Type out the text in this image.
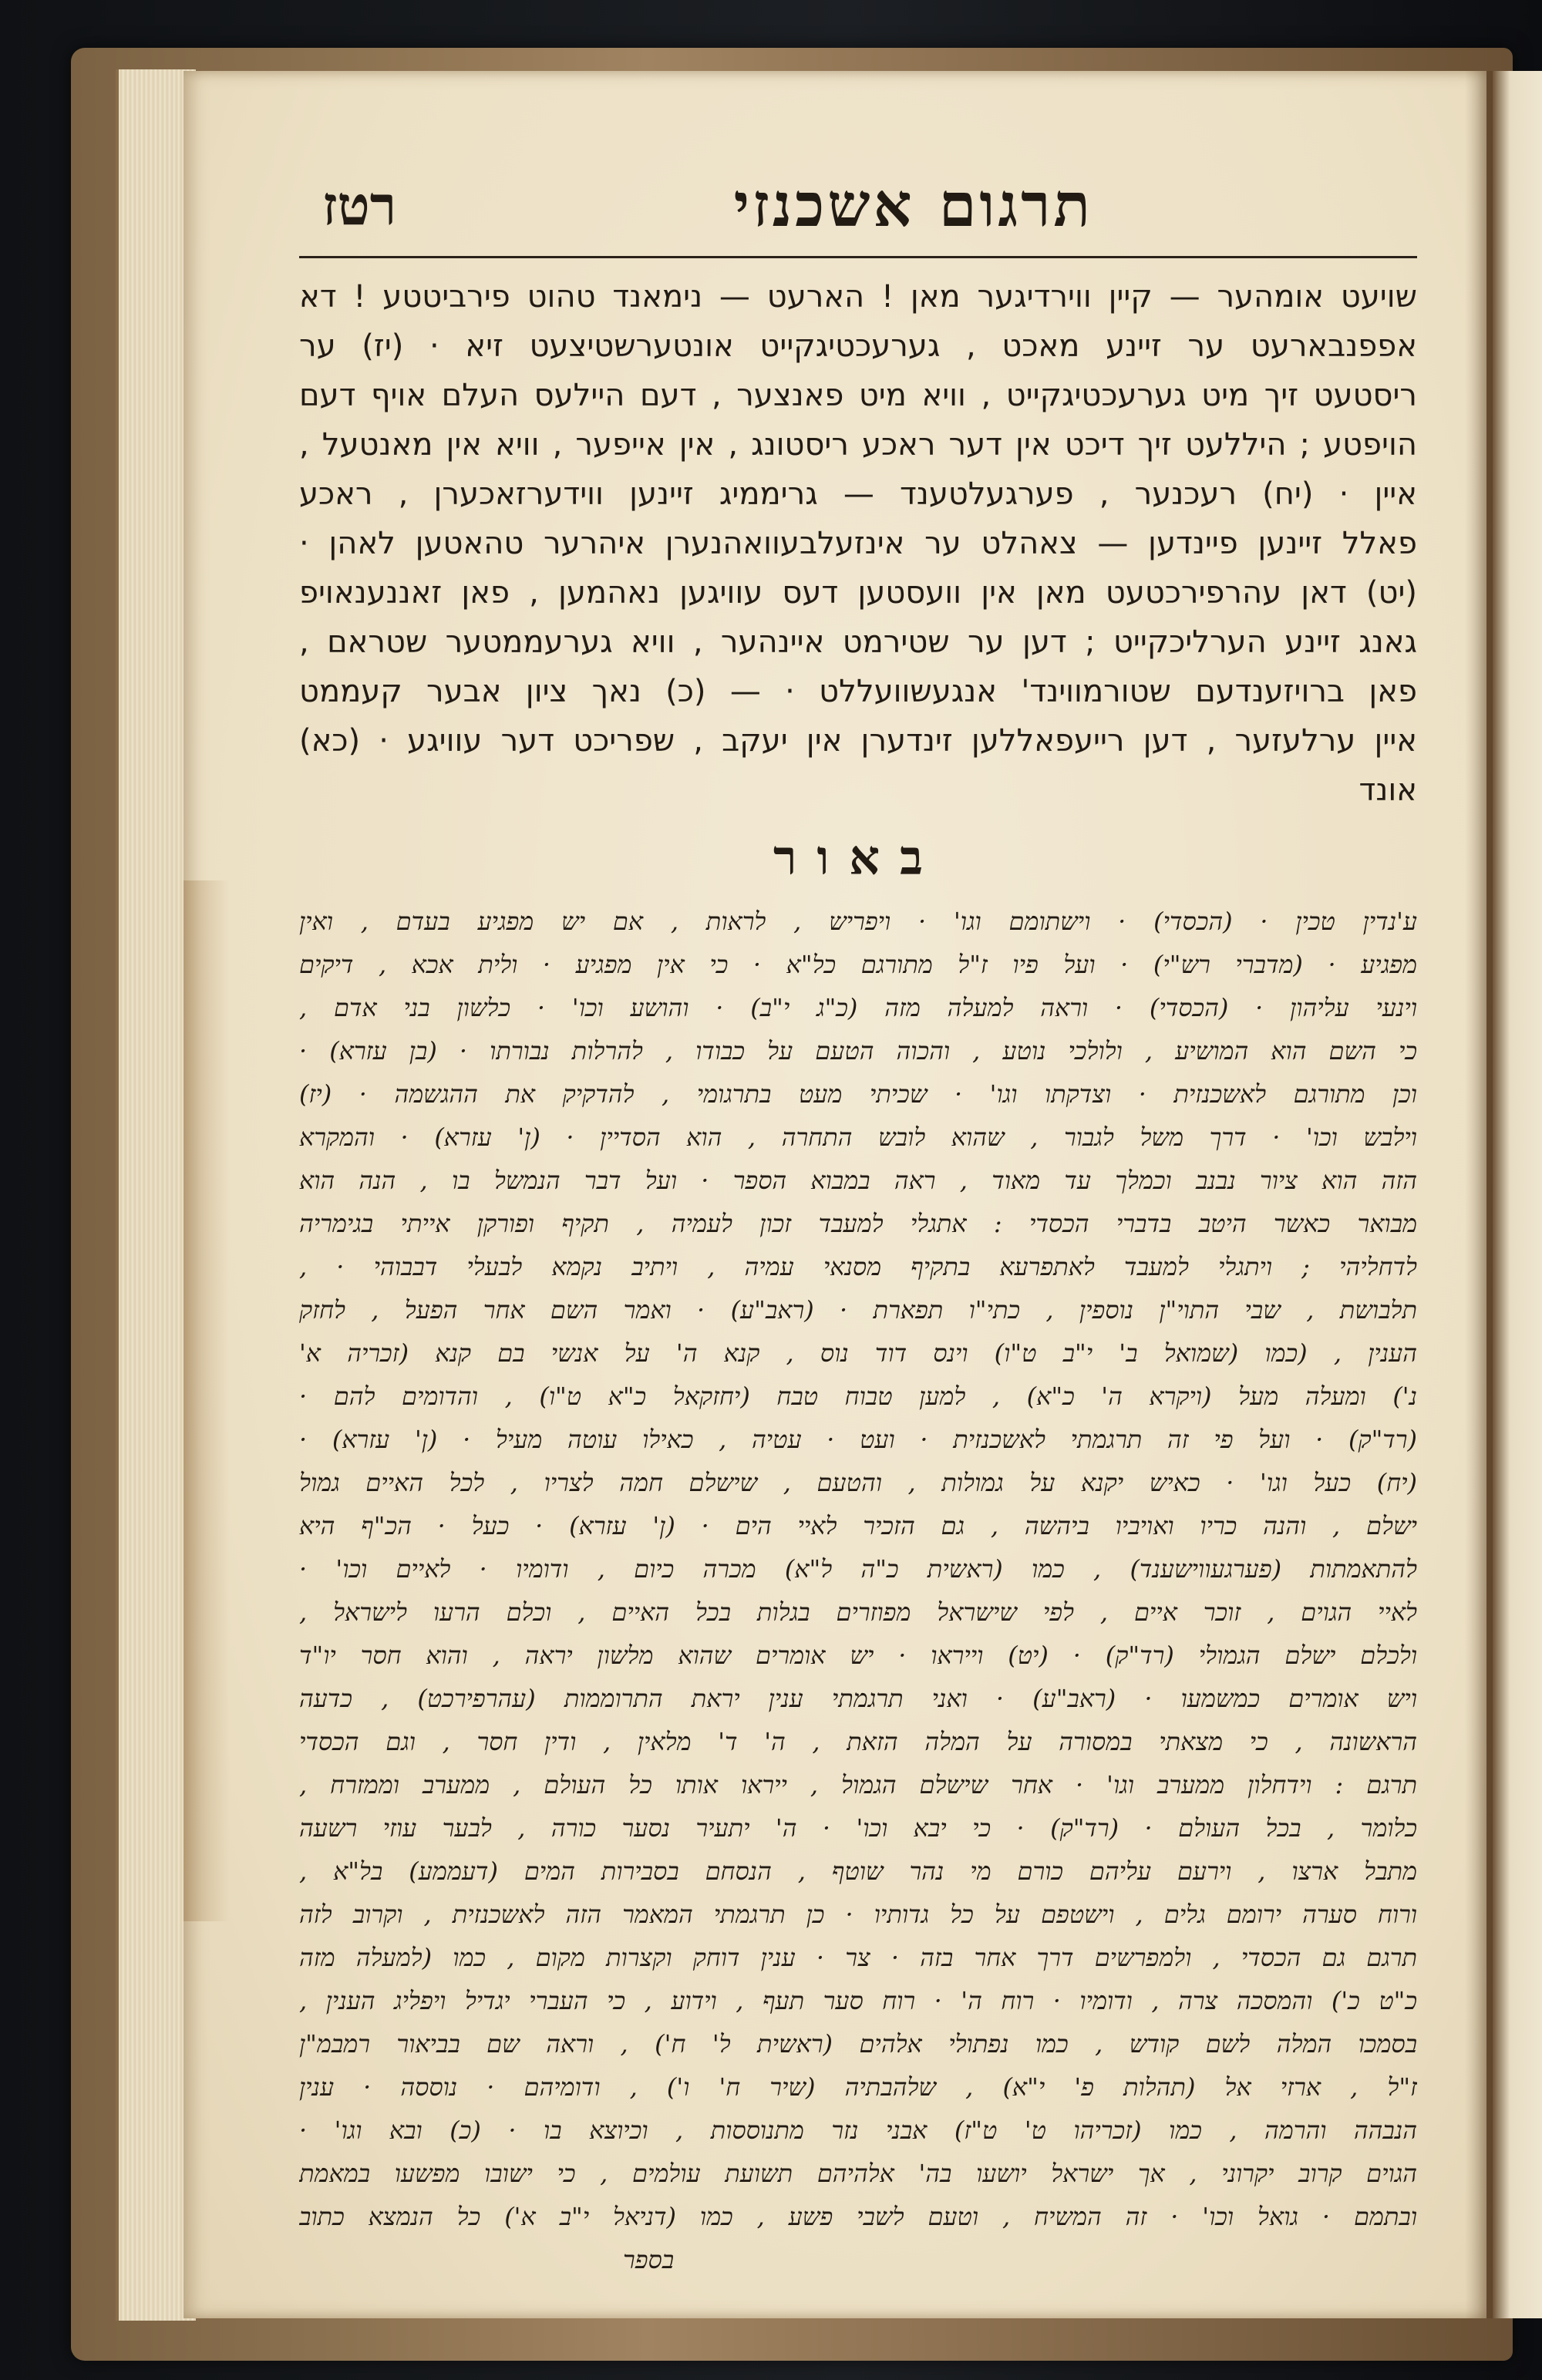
תרגום אשכנזי
רטז
שויעט אומהער — קיין ווירדיגער מאן ! הארעט — נימאנד טהוט פירביטטע ! דא
אפפנבארעט ער זיינע מאכט , גערעכטיגקייט אונטערשטיצעט זיא · (יז) ער
ריסטעט זיך מיט גערעכטיגקייט , וויא מיט פאנצער , דעם היילעס העלם אויף דעם
הויפטע ; היללעט זיך דיכט אין דער ראכע ריסטונג , אין אייפער , וויא אין מאנטעל ,
איין · (יח) רעכנער , פערגעלטענד — גריממיג זיינען ווידערזאכערן , ראכע
פאלל זיינען פיינדען — צאהלט ער אינזעלבעוואהנערן איהרער טהאטען לאהן ·
(יט) דאן עהרפירכטעט מאן אין וועסטען דעס עוויגען נאהמען , פאן זאננענאויפ
גאנג זיינע הערליכקייט ; דען ער שטירמט איינהער , וויא גערעממטער שטראם ,
פאן ברויזענדעם שטורמווינד' אנגעשוועללט · — (כ) נאך ציון אבער קעממט
איין ערלעזער , דען רייעפאללען זינדערן אין יעקב , שפריכט דער עוויגע · (כא)
אונד
באור
ע'נדין טכין · (הכסדי) · וישתומם וגו' · ויפריש , לראות , אם יש מפגיע בעדם , ואין
מפגיע · (מדברי רש"י) · ועל פיו ז"ל מתורגם כל"א · כי אין מפגיע · ולית אכא , דיקים
וינעי עליהון · (הכסדי) · וראה למעלה מזה (כ"ג י"ב) · והושע וכו' · כלשון בני אדם ,
כי השם הוא המושיע , ולולכי נוטע , והכוה הטעם על כבודו , להרלות נבורתו · (בן עזרא) ·
וכן מתורגם לאשכנזית · וצדקתו וגו' · שכיתי מעט בתרגומי , להדקיק את ההגשמה · (יז)
וילבש וכו' · דרך משל לגבור , שהוא לובש התחרה , הוא הסדיין · (ן' עזרא) · והמקרא
הזה הוא ציור נבנב וכמלך עד מאוד , ראה במבוא הספר · ועל דבר הנמשל בו , הנה הוא
מבואר כאשר היטב בדברי הכסדי : אתגלי למעבד זכון לעמיה , תקיף ופורקן אייתי בגימריה
לדחליהי ; ויתגלי למעבד לאתפרעא בתקיף מסנאי עמיה , ויתיב נקמא לבעלי דבבוהי · ,
תלבושת , שבי התוי"ן נוספין , כתי"ו תפארת · (ראב"ע) · ואמר השם אחר הפעל , לחזק
הענין , (כמו (שמואל ב' י"ב ט"ו) וינס דוד נוס , קנא ה' על אנשי בם קנא (זכריה א'
נ') ומעלה מעל (ויקרא ה' כ"א) , למען טבוח טבח (יחזקאל כ"א ט"ו) , והדומים להם ·
(רד"ק) · ועל פי זה תרגמתי לאשכנזית · ועט · עטיה , כאילו עוטה מעיל · (ן' עזרא) ·
(יח) כעל וגו' · כאיש יקנא על גמולות , והטעם , שישלם חמה לצריו , לכל האיים גמול
ישלם , והנה כריו ואויביו ביהשה , גם הזכיר לאיי הים · (ן' עזרא) · כעל · הכ"ף היא
להתאמתות (פערגעווישענד) , כמו (ראשית כ"ה ל"א) מכרה כיום , ודומיו · לאיים וכו' ·
לאיי הגוים , זוכר איים , לפי שישראל מפוזרים בגלות בכל האיים , וכלם הרעו לישראל ,
ולכלם ישלם הגמולי (רד"ק) · (יט) וייראו · יש אומרים שהוא מלשון יראה , והוא חסר יו"ד
ויש אומרים כמשמעו · (ראב"ע) · ואני תרגמתי ענין יראת התרוממות (עהרפירכט) , כדעה
הראשונה , כי מצאתי במסורה על המלה הזאת , ה' ד' מלאין , ודין חסר , וגם הכסדי
תרגם : וידחלון ממערב וגו' · אחר שישלם הגמול , ייראו אותו כל העולם , ממערב וממזרח ,
כלומר , בכל העולם · (רד"ק) · כי יבא וכו' · ה' יתעיר נסער כורה , לבער עוזי רשעה
מתבל ארצו , וירעם עליהם כורם מי נהר שוטף , הנסחם בסבירות המים (דעממע) בל"א ,
ורוח סערה ירומם גלים , וישטפם על כל גדותיו · כן תרגמתי המאמר הזה לאשכנזית , וקרוב לזה
תרגם גם הכסדי , ולמפרשים דרך אחר בזה · צר · ענין דוחק וקצרות מקום , כמו (למעלה מזה
כ"ט כ') והמסכה צרה , ודומיו · רוח ה' · רוח סער תעף , וידוע , כי העברי יגדיל ויפליג הענין ,
בסמכו המלה לשם קודש , כמו נפתולי אלהים (ראשית ל' ח') , וראה שם בביאור רמבמ"ן
ז"ל , ארזי אל (תהלות פ' י"א) , שלהבתיה (שיר ח' ו') , ודומיהם · נוססה · ענין
הנבהה והרמה , כמו (זכריהו ט' ט"ז) אבני נזר מתנוססות , וכיוצא בו · (כ) ובא וגו' ·
הגוים קרוב יקרוני , אך ישראל יושעו בה' אלהיהם תשועת עולמים , כי ישובו מפשעו במאמת
ובתמם · גואל וכו' · זה המשיח , וטעם לשבי פשע , כמו (דניאל י"ב א') כל הנמצא כתוב
בספר
